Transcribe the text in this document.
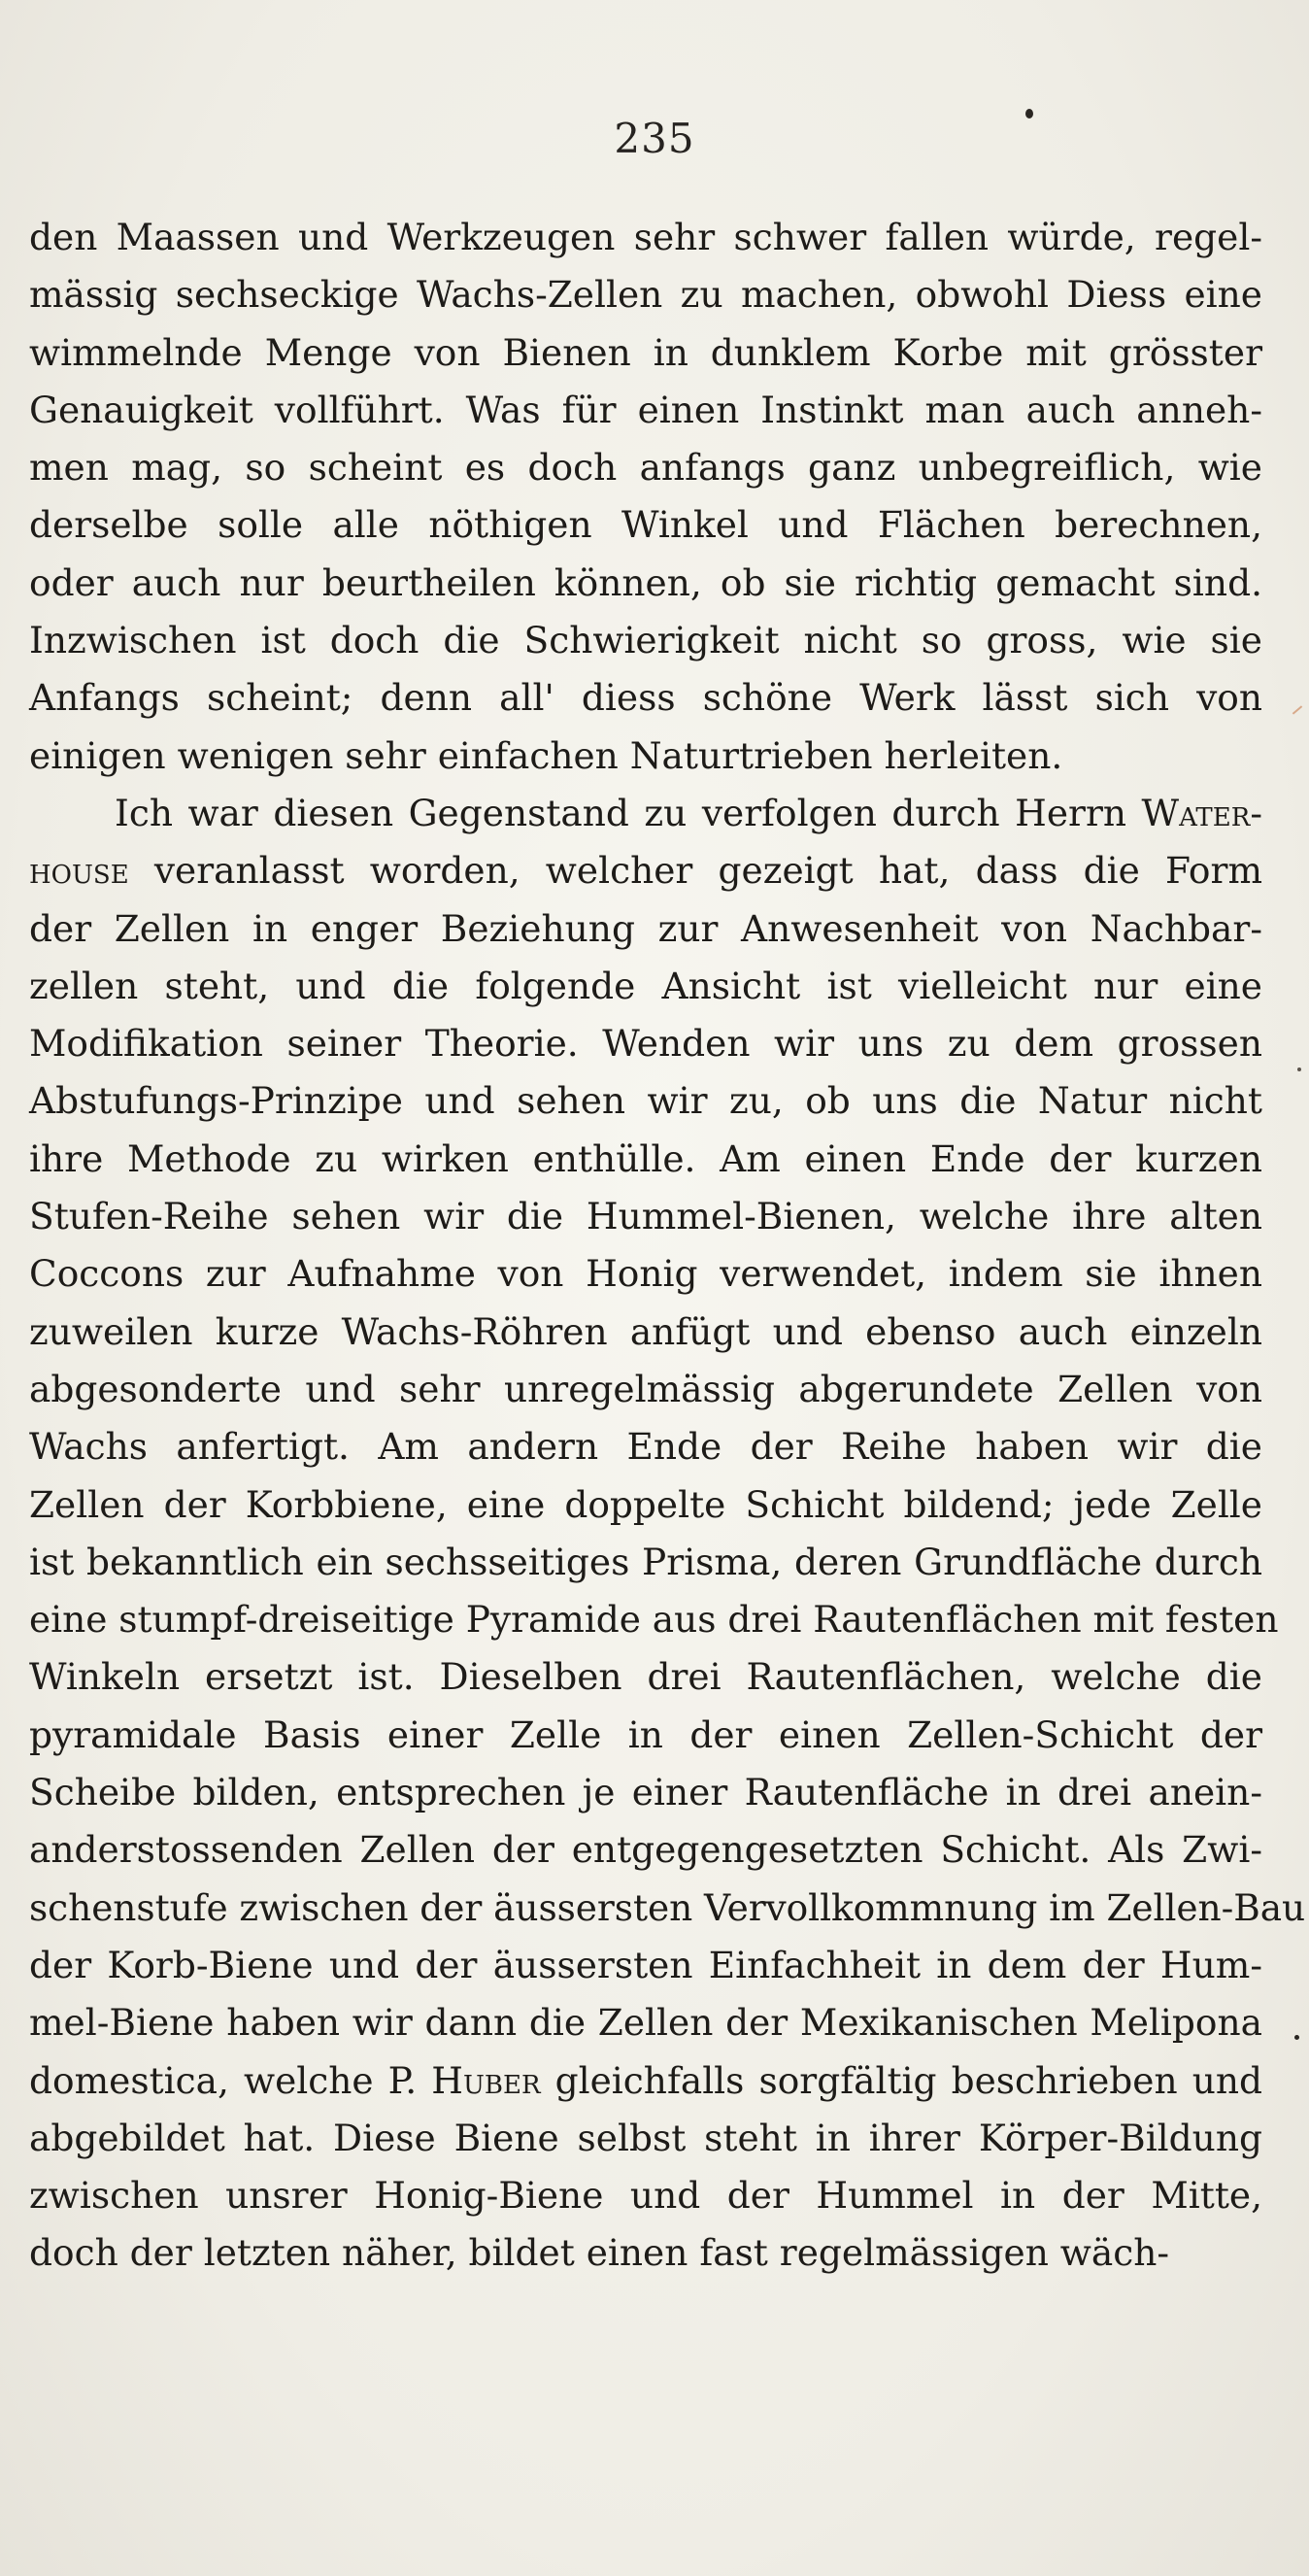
235
den Maassen und Werkzeugen sehr schwer fallen würde, regel-
mässig sechseckige Wachs-Zellen zu machen, obwohl Diess eine
wimmelnde Menge von Bienen in dunklem Korbe mit grösster
Genauigkeit vollführt. Was für einen Instinkt man auch anneh-
men mag, so scheint es doch anfangs ganz unbegreiflich, wie
derselbe solle alle nöthigen Winkel und Flächen berechnen,
oder auch nur beurtheilen können, ob sie richtig gemacht sind.
Inzwischen ist doch die Schwierigkeit nicht so gross, wie sie
Anfangs scheint; denn all' diess schöne Werk lässt sich von
einigen wenigen sehr einfachen Naturtrieben herleiten.
Ich war diesen Gegenstand zu verfolgen durch Herrn Water-
house veranlasst worden, welcher gezeigt hat, dass die Form
der Zellen in enger Beziehung zur Anwesenheit von Nachbar-
zellen steht, und die folgende Ansicht ist vielleicht nur eine
Modifikation seiner Theorie. Wenden wir uns zu dem grossen
Abstufungs-Prinzipe und sehen wir zu, ob uns die Natur nicht
ihre Methode zu wirken enthülle. Am einen Ende der kurzen
Stufen-Reihe sehen wir die Hummel-Bienen, welche ihre alten
Coccons zur Aufnahme von Honig verwendet, indem sie ihnen
zuweilen kurze Wachs-Röhren anfügt und ebenso auch einzeln
abgesonderte und sehr unregelmässig abgerundete Zellen von
Wachs anfertigt. Am andern Ende der Reihe haben wir die
Zellen der Korbbiene, eine doppelte Schicht bildend; jede Zelle
ist bekanntlich ein sechsseitiges Prisma, deren Grundfläche durch
eine stumpf-dreiseitige Pyramide aus drei Rautenflächen mit festen
Winkeln ersetzt ist. Dieselben drei Rautenflächen, welche die
pyramidale Basis einer Zelle in der einen Zellen-Schicht der
Scheibe bilden, entsprechen je einer Rautenfläche in drei anein-
anderstossenden Zellen der entgegengesetzten Schicht. Als Zwi-
schenstufe zwischen der äussersten Vervollkommnung im Zellen-Bau
der Korb-Biene und der äussersten Einfachheit in dem der Hum-
mel-Biene haben wir dann die Zellen der Mexikanischen Melipona
domestica, welche P. Huber gleichfalls sorgfältig beschrieben und
abgebildet hat. Diese Biene selbst steht in ihrer Körper-Bildung
zwischen unsrer Honig-Biene und der Hummel in der Mitte,
doch der letzten näher, bildet einen fast regelmässigen wäch-
